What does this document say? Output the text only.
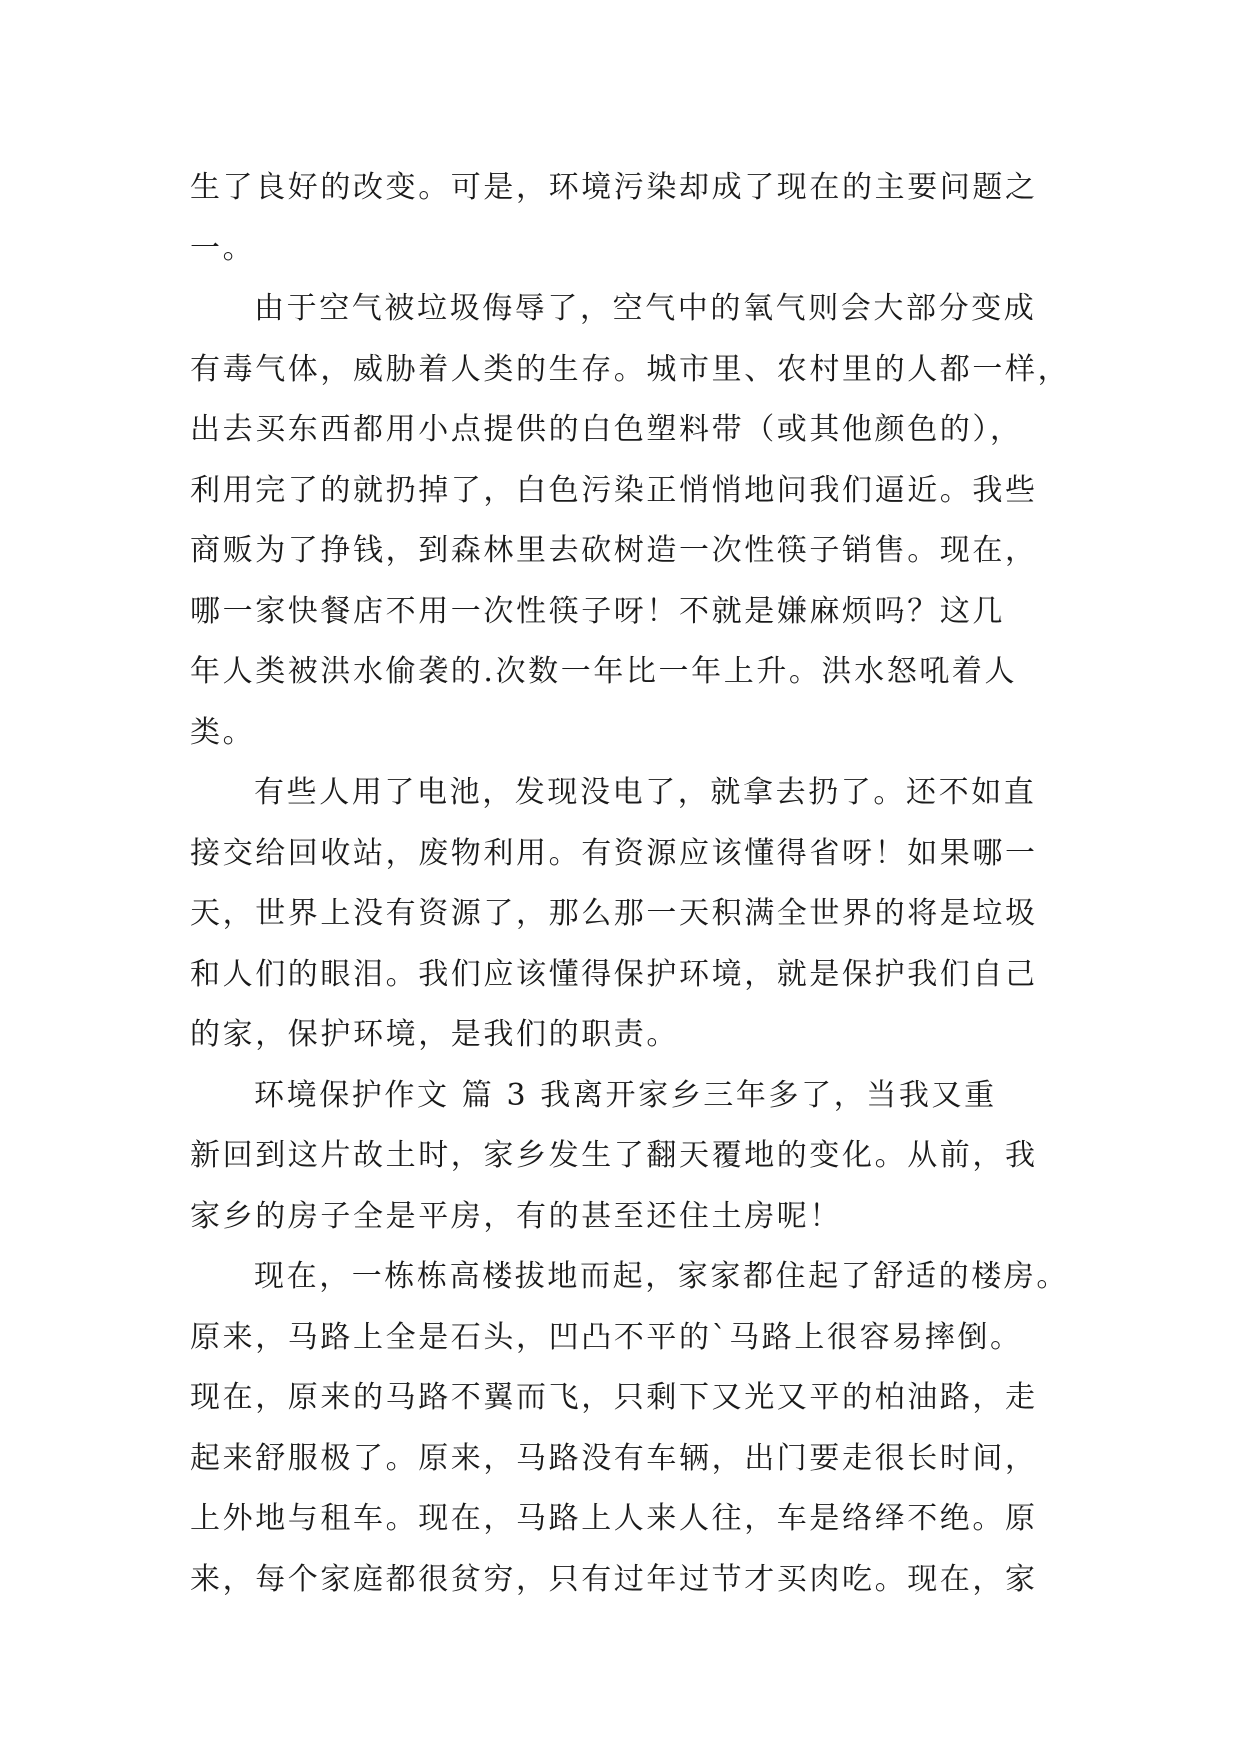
生了良好的改变。可是，环境污染却成了现在的主要问题之
一。
由于空气被垃圾侮辱了，空气中的氧气则会大部分变成
有毒气体，威胁着人类的生存。城市里、农村里的人都一样，
出去买东西都用小点提供的白色塑料带（或其他颜色的），
利用完了的就扔掉了，白色污染正悄悄地问我们逼近。我些
商贩为了挣钱，到森林里去砍树造一次性筷子销售。现在，
哪一家快餐店不用一次性筷子呀！不就是嫌麻烦吗？这几
年人类被洪水偷袭的.次数一年比一年上升。洪水怒吼着人
类。
有些人用了电池，发现没电了，就拿去扔了。还不如直
接交给回收站，废物利用。有资源应该懂得省呀！如果哪一
天，世界上没有资源了，那么那一天积满全世界的将是垃圾
和人们的眼泪。我们应该懂得保护环境，就是保护我们自己
的家，保护环境，是我们的职责。
环境保护作文 篇 3 我离开家乡三年多了，当我又重
新回到这片故土时，家乡发生了翻天覆地的变化。从前，我
家乡的房子全是平房，有的甚至还住土房呢！
现在，一栋栋高楼拔地而起，家家都住起了舒适的楼房。
原来，马路上全是石头，凹凸不平的`马路上很容易摔倒。
现在，原来的马路不翼而飞，只剩下又光又平的柏油路，走
起来舒服极了。原来，马路没有车辆，出门要走很长时间，
上外地与租车。现在，马路上人来人往，车是络绎不绝。原
来，每个家庭都很贫穷，只有过年过节才买肉吃。现在，家
